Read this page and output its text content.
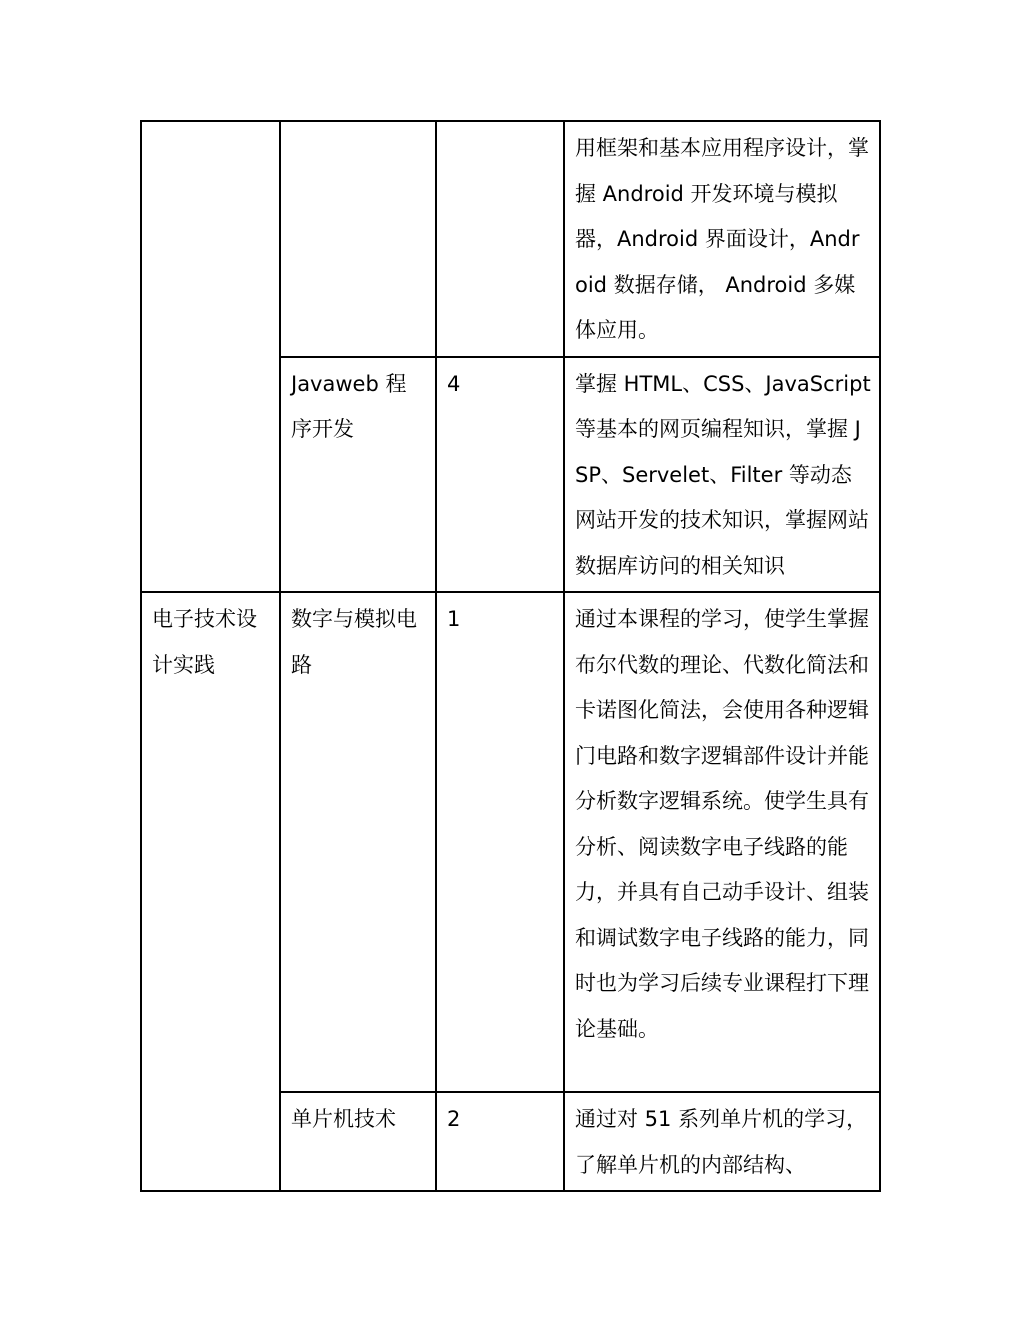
			用框架和基本应用程序设计，掌握 Android 开发环境与模拟器，Android 界面设计，Android 数据存储， Android 多媒体应用。

	Javaweb 程序开发	4	掌握 HTML、CSS、JavaScript 等基本的网页编程知识，掌握 JSP、Servelet、Filter 等动态网站开发的技术知识，掌握网站数据库访问的相关知识

电子技术设计实践	数字与模拟电路	1	通过本课程的学习，使学生掌握布尔代数的理论、代数化简法和卡诺图化简法，会使用各种逻辑门电路和数字逻辑部件设计并能分析数字逻辑系统。使学生具有分析、阅读数字电子线路的能力，并具有自己动手设计、组装和调试数字电子线路的能力，同时也为学习后续专业课程打下理论基础。

	单片机技术	2	通过对 51 系列单片机的学习， 了解单片机的内部结构、
